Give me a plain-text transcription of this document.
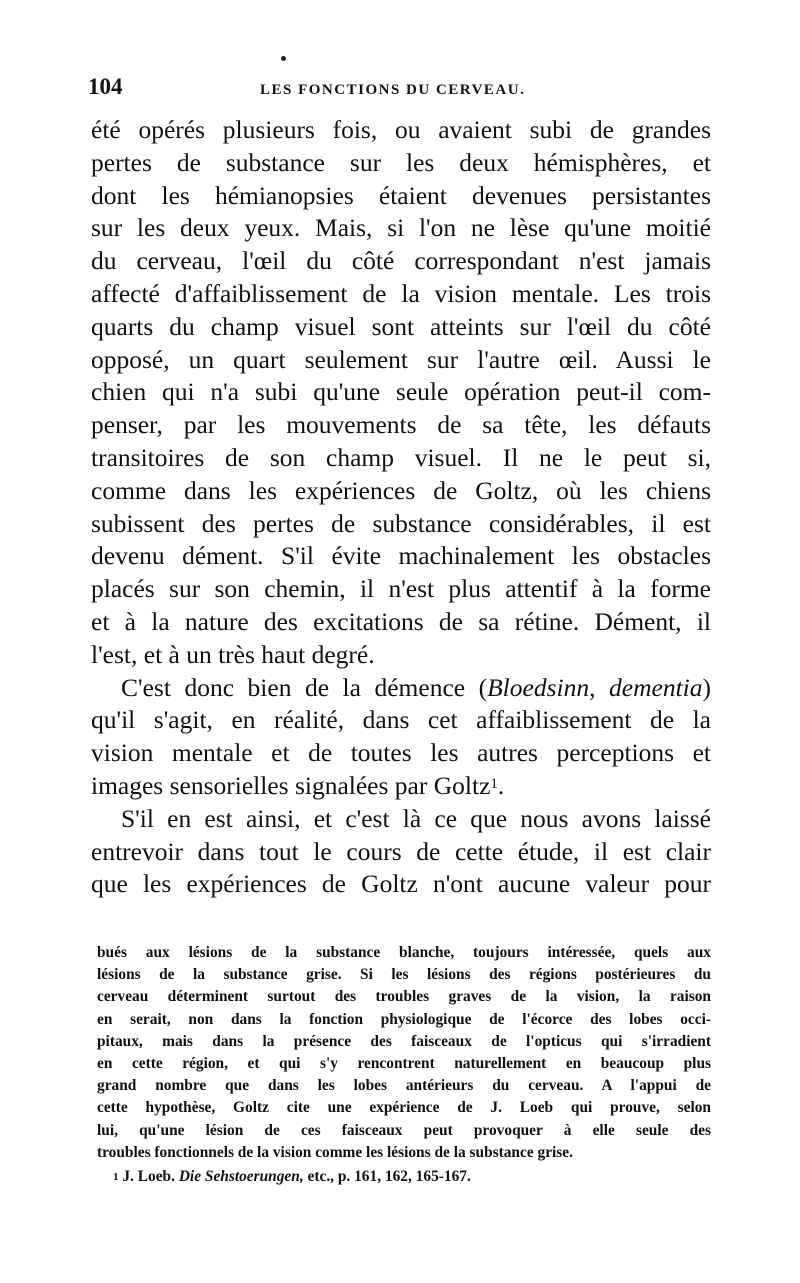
104	LES FONCTIONS DU CERVEAU.
été opérés plusieurs fois, ou avaient subi de grandes
pertes de substance sur les deux hémisphères, et
dont les hémianopsies étaient devenues persistantes
sur les deux yeux. Mais, si l'on ne lèse qu'une moitié
du cerveau, l'œil du côté correspondant n'est jamais
affecté d'affaiblissement de la vision mentale. Les trois
quarts du champ visuel sont atteints sur l'œil du côté
opposé, un quart seulement sur l'autre œil. Aussi le
chien qui n'a subi qu'une seule opération peut-il com-
penser, par les mouvements de sa tête, les défauts
transitoires de son champ visuel. Il ne le peut si,
comme dans les expériences de Goltz, où les chiens
subissent des pertes de substance considérables, il est
devenu dément. S'il évite machinalement les obstacles
placés sur son chemin, il n'est plus attentif à la forme
et à la nature des excitations de sa rétine. Dément, il
l'est, et à un très haut degré.
C'est donc bien de la démence (Bloedsinn, dementia)
qu'il s'agit, en réalité, dans cet affaiblissement de la
vision mentale et de toutes les autres perceptions et
images sensorielles signalées par Goltz$^1$.
S'il en est ainsi, et c'est là ce que nous avons laissé
entrevoir dans tout le cours de cette étude, il est clair
que les expériences de Goltz n'ont aucune valeur pour
bués aux lésions de la substance blanche, toujours intéressée, quels aux
lésions de la substance grise. Si les lésions des régions postérieures du
cerveau déterminent surtout des troubles graves de la vision, la raison
en serait, non dans la fonction physiologique de l'écorce des lobes occi-
pitaux, mais dans la présence des faisceaux de l'opticus qui s'irradient
en cette région, et qui s'y rencontrent naturellement en beaucoup plus
grand nombre que dans les lobes antérieurs du cerveau. A l'appui de
cette hypothèse, Goltz cite une expérience de J. Loeb qui prouve, selon
lui, qu'une lésion de ces faisceaux peut provoquer à elle seule des
troubles fonctionnels de la vision comme les lésions de la substance grise.
$^1$ J. Loeb. Die Sehstoerungen, etc., p. 161, 162, 165-167.
